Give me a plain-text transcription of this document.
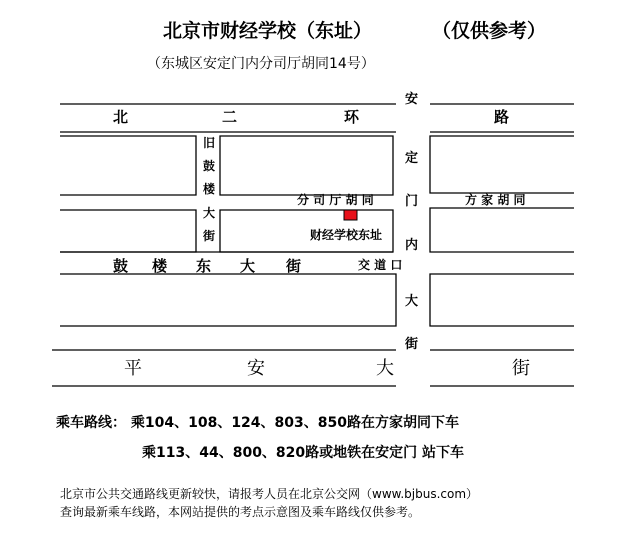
北京市财经学校（东址）	（仅供参考）
（东城区安定门内分司厅胡同14号）
北	二	环	路
安
定
门
内
大
街
旧
鼓
楼
大
街
分 司 厅 胡 同	方 家 胡 同
财经学校东址
鼓 楼 东 大 街	交 道 口
平	安	大	街
乘车路线： 乘104、108、124、803、850路在方家胡同下车
乘113、44、800、820路或地铁在安定门 站下车
北京市公共交通路线更新较快，请报考人员在北京公交网（www.bjbus.com）
查询最新乘车线路，本网站提供的考点示意图及乘车路线仅供参考。
